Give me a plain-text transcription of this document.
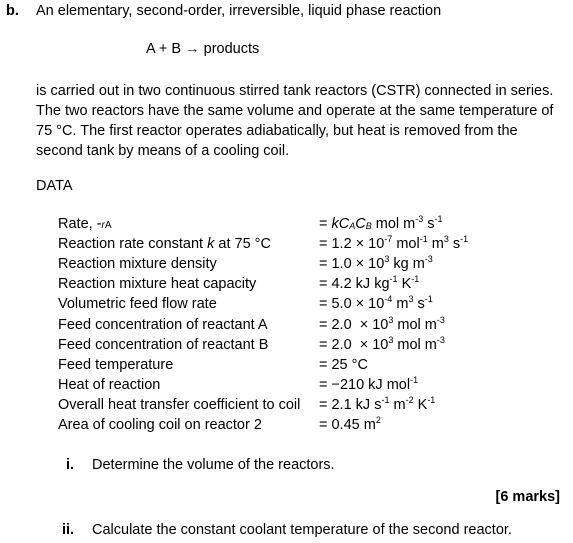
b. An elementary, second-order, irreversible, liquid phase reaction
A + B → products
is carried out in two continuous stirred tank reactors (CSTR) connected in series. The two reactors have the same volume and operate at the same temperature of 75 °C. The first reactor operates adiabatically, but heat is removed from the second tank by means of a cooling coil.
DATA
Rate, -rA	= $kC_AC_B$ mol $m^{-3}$ $s^{-1}$
Reaction rate constant k at 75 °C	= $1.2 \times 10^{-7}$ mol$^{-1}$ $m^3$ $s^{-1}$
Reaction mixture density	= $1.0 \times 10^3$ kg $m^{-3}$
Reaction mixture heat capacity	= 4.2 kJ $kg^{-1}$ $K^{-1}$
Volumetric feed flow rate	= $5.0 \times 10^{-4}$ $m^3$ $s^{-1}$
Feed concentration of reactant A	= $2.0 \times 10^3$ mol $m^{-3}$
Feed concentration of reactant B	= $2.0 \times 10^3$ mol $m^{-3}$
Feed temperature	= 25 °C
Heat of reaction	= −210 kJ mol$^{-1}$
Overall heat transfer coefficient to coil = 2.1 kJ $s^{-1}$ $m^{-2}$ $K^{-1}$
Area of cooling coil on reactor 2	= 0.45 $m^2$
i. Determine the volume of the reactors.
[6 marks]
ii. Calculate the constant coolant temperature of the second reactor.
